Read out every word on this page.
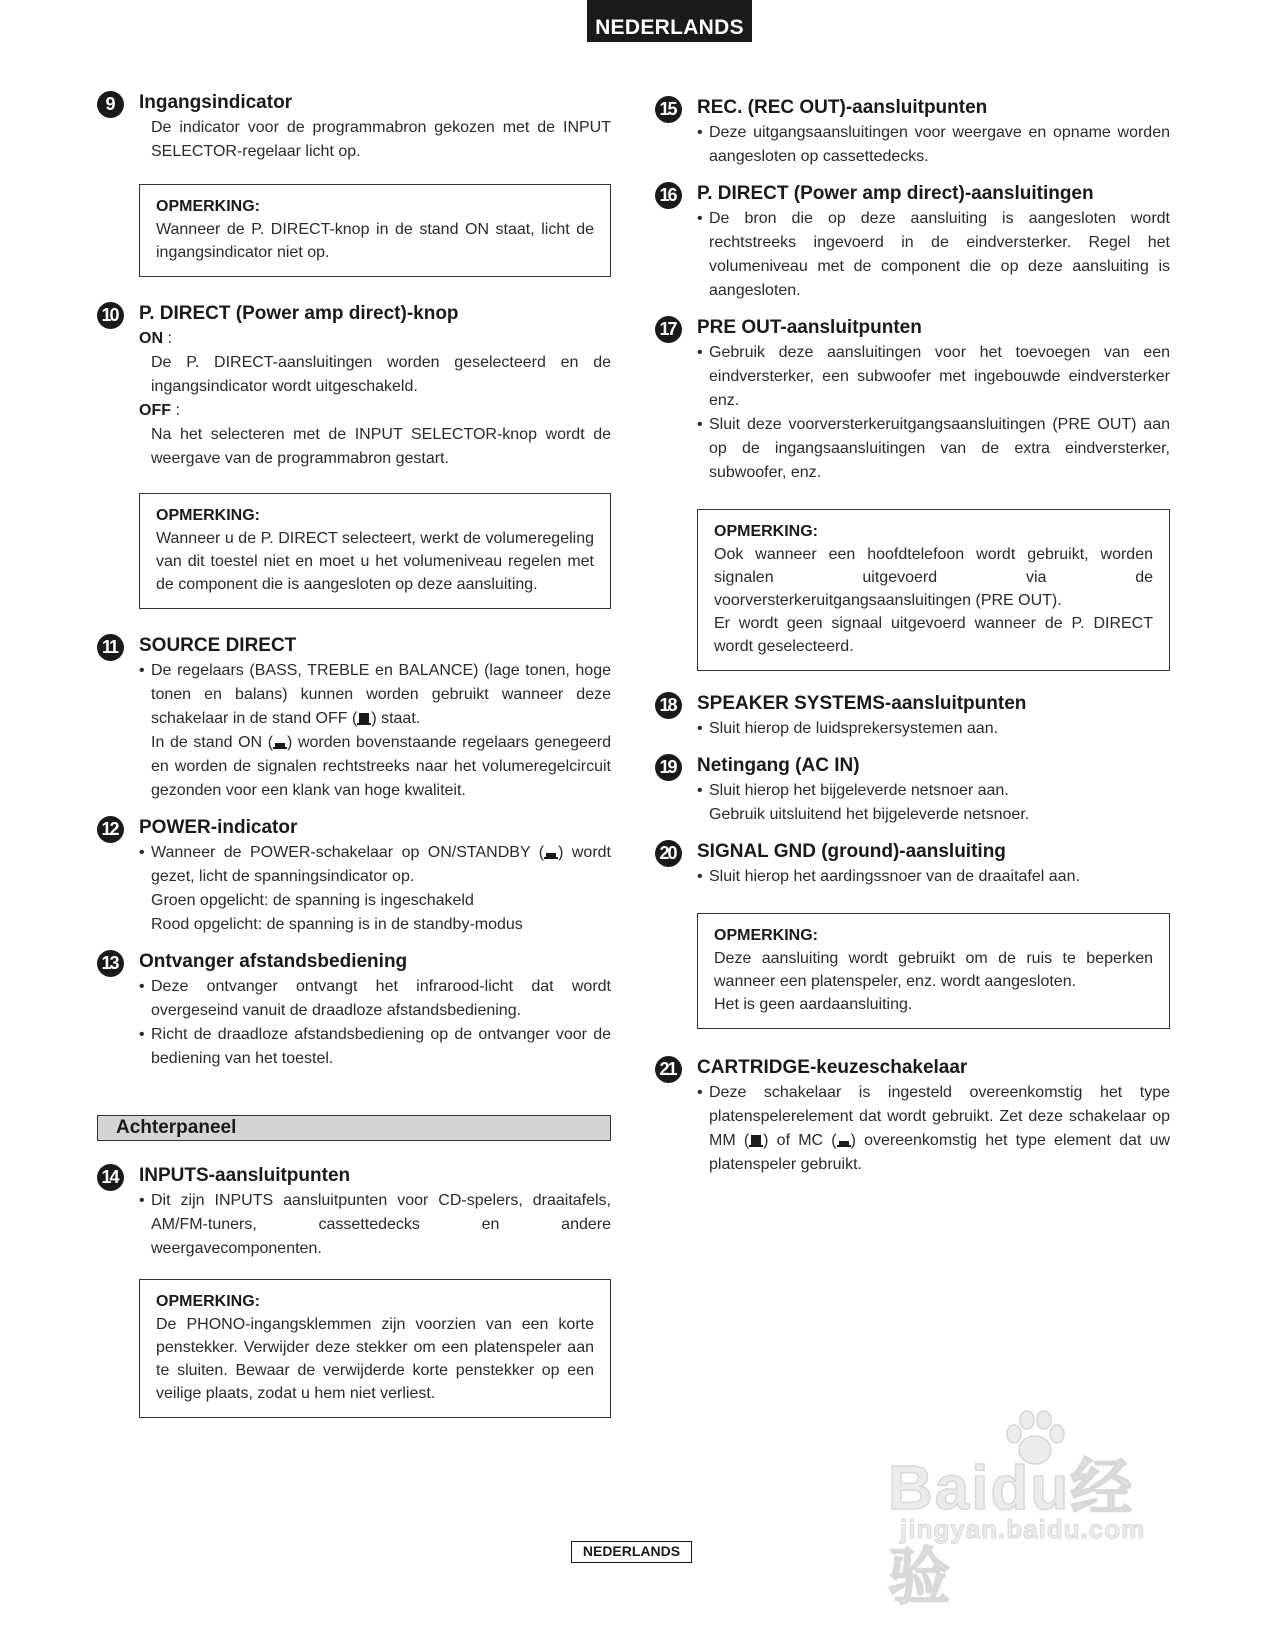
NEDERLANDS
9	Ingangsindicator
De indicator voor de programmabron gekozen met de INPUT SELECTOR-regelaar licht op.
OPMERKING:
Wanneer de P. DIRECT-knop in de stand ON staat, licht de ingangsindicator niet op.
10	P. DIRECT (Power amp direct)-knop
ON :
De P. DIRECT-aansluitingen worden geselecteerd en de ingangsindicator wordt uitgeschakeld.
OFF :
Na het selecteren met de INPUT SELECTOR-knop wordt de weergave van de programmabron gestart.
OPMERKING:
Wanneer u de P. DIRECT selecteert, werkt de volumeregeling van dit toestel niet en moet u het volumeniveau regelen met de component die is aangesloten op deze aansluiting.
11	SOURCE DIRECT
• De regelaars (BASS, TREBLE en BALANCE) (lage tonen, hoge tonen en balans) kunnen worden gebruikt wanneer deze schakelaar in de stand OFF ( ) staat.
In de stand ON ( ) worden bovenstaande regelaars genegeerd en worden de signalen rechtstreeks naar het volumeregelcircuit gezonden voor een klank van hoge kwaliteit.
12	POWER-indicator
• Wanneer de POWER-schakelaar op ON/STANDBY ( ) wordt gezet, licht de spanningsindicator op.
Groen opgelicht: de spanning is ingeschakeld
Rood opgelicht: de spanning is in de standby-modus
13	Ontvanger afstandsbediening
• Deze ontvanger ontvangt het infrarood-licht dat wordt overgeseind vanuit de draadloze afstandsbediening.
• Richt de draadloze afstandsbediening op de ontvanger voor de bediening van het toestel.
Achterpaneel
14	INPUTS-aansluitpunten
• Dit zijn INPUTS aansluitpunten voor CD-spelers, draaitafels, AM/FM-tuners, cassettedecks en andere weergavecomponenten.
OPMERKING:
De PHONO-ingangsklemmen zijn voorzien van een korte penstekker. Verwijder deze stekker om een platenspeler aan te sluiten. Bewaar de verwijderde korte penstekker op een veilige plaats, zodat u hem niet verliest.
15	REC. (REC OUT)-aansluitpunten
• Deze uitgangsaansluitingen voor weergave en opname worden aangesloten op cassettedecks.
16	P. DIRECT (Power amp direct)-aansluitingen
• De bron die op deze aansluiting is aangesloten wordt rechtstreeks ingevoerd in de eindversterker. Regel het volumeniveau met de component die op deze aansluiting is aangesloten.
17	PRE OUT-aansluitpunten
• Gebruik deze aansluitingen voor het toevoegen van een eindversterker, een subwoofer met ingebouwde eindversterker enz.
• Sluit deze voorversterkeruitgangsaansluitingen (PRE OUT) aan op de ingangsaansluitingen van de extra eindversterker, subwoofer, enz.
OPMERKING:
Ook wanneer een hoofdtelefoon wordt gebruikt, worden signalen uitgevoerd via de voorversterkeruitgangsaansluitingen (PRE OUT).
Er wordt geen signaal uitgevoerd wanneer de P. DIRECT wordt geselecteerd.
18	SPEAKER SYSTEMS-aansluitpunten
• Sluit hierop de luidsprekersystemen aan.
19	Netingang (AC IN)
• Sluit hierop het bijgeleverde netsnoer aan.
Gebruik uitsluitend het bijgeleverde netsnoer.
20	SIGNAL GND (ground)-aansluiting
• Sluit hierop het aardingssnoer van de draaitafel aan.
OPMERKING:
Deze aansluiting wordt gebruikt om de ruis te beperken wanneer een platenspeler, enz. wordt aangesloten.
Het is geen aardaansluiting.
21	CARTRIDGE-keuzeschakelaar
• Deze schakelaar is ingesteld overeenkomstig het type platenspelerelement dat wordt gebruikt. Zet deze schakelaar op MM ( ) of MC ( ) overeenkomstig het type element dat uw platenspeler gebruikt.
Baidu经验
jingyan.baidu.com
NEDERLANDS
